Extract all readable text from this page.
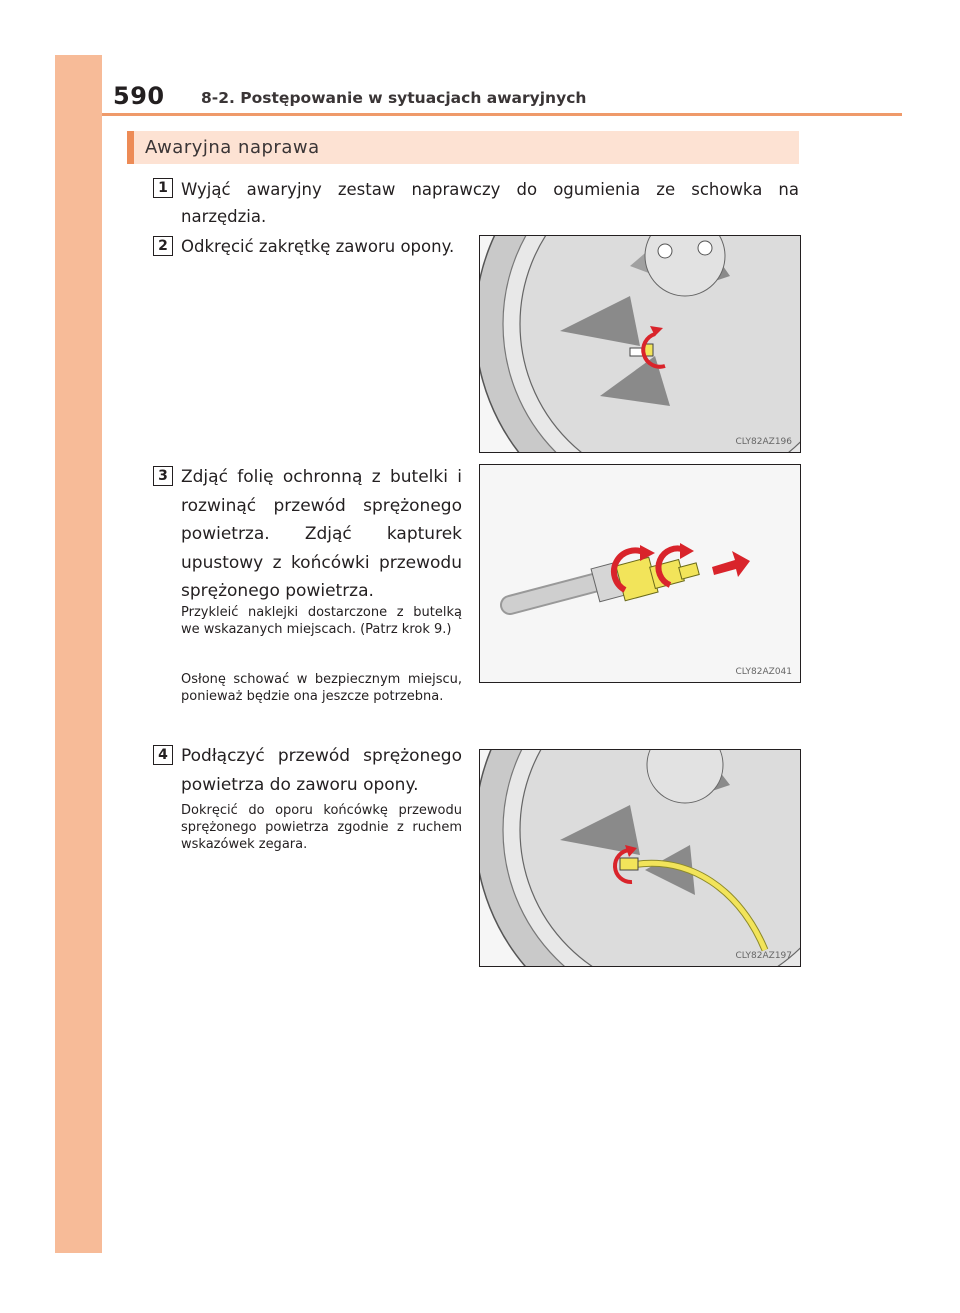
590 8-2. Postępowanie w sytuacjach awaryjnych
Awaryjna naprawa
1 Wyjąć awaryjny zestaw naprawczy do ogumienia ze schowka na narzędzia.
2 Odkręcić zakrętkę zaworu opony.
CLY82AZ196
3 Zdjąć folię ochronną z butelki i rozwinąć przewód sprężonego powietrza. Zdjąć kapturek upustowy z końcówki przewodu sprężonego powietrza.
Przykleić naklejki dostarczone z butelką we wskazanych miejscach. (Patrz krok 9.)
Osłonę schować w bezpiecznym miejscu, ponieważ będzie ona jeszcze potrzebna.
CLY82AZ041
4 Podłączyć przewód sprężonego powietrza do zaworu opony.
Dokręcić do oporu końcówkę przewodu sprężonego powietrza zgodnie z ruchem wskazówek zegara.
CLY82AZ197
